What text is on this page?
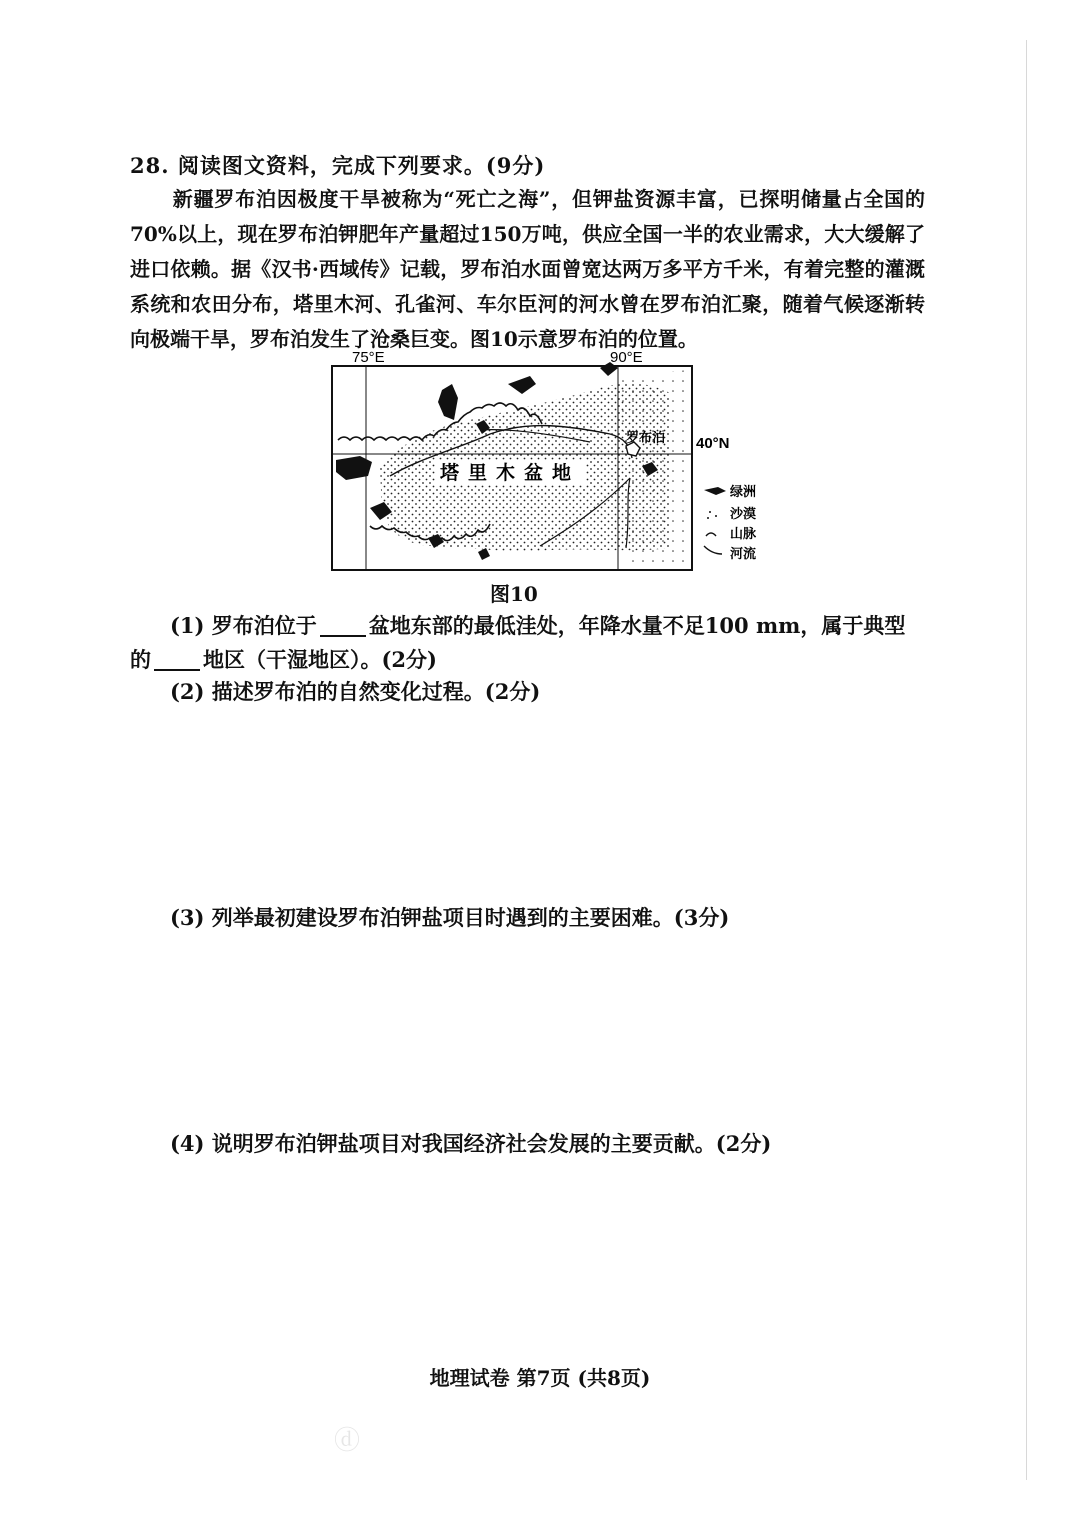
28. 阅读图文资料，完成下列要求。(9分)
新疆罗布泊因极度干旱被称为“死亡之海”，但钾盐资源丰富，已探明储量占全国的70%以上，现在罗布泊钾肥年产量超过150万吨，供应全国一半的农业需求，大大缓解了进口依赖。据《汉书·西域传》记载，罗布泊水面曾宽达两万多平方千米，有着完整的灌溉系统和农田分布，塔里木河、孔雀河、车尔臣河的河水曾在罗布泊汇聚，随着气候逐渐转向极端干旱，罗布泊发生了沧桑巨变。图10示意罗布泊的位置。
75°E	90°E
40°N
罗布泊
塔里木盆地
绿洲
沙漠
山脉
河流
图10
(1) 罗布泊位于 盆地东部的最低洼处，年降水量不足100 mm，属于典型
的 地区（干湿地区）。(2分)
(2) 描述罗布泊的自然变化过程。(2分)
(3) 列举最初建设罗布泊钾盐项目时遇到的主要困难。(3分)
(4) 说明罗布泊钾盐项目对我国经济社会发展的主要贡献。(2分)
地理试卷 第7页 (共8页)
ⓓ
